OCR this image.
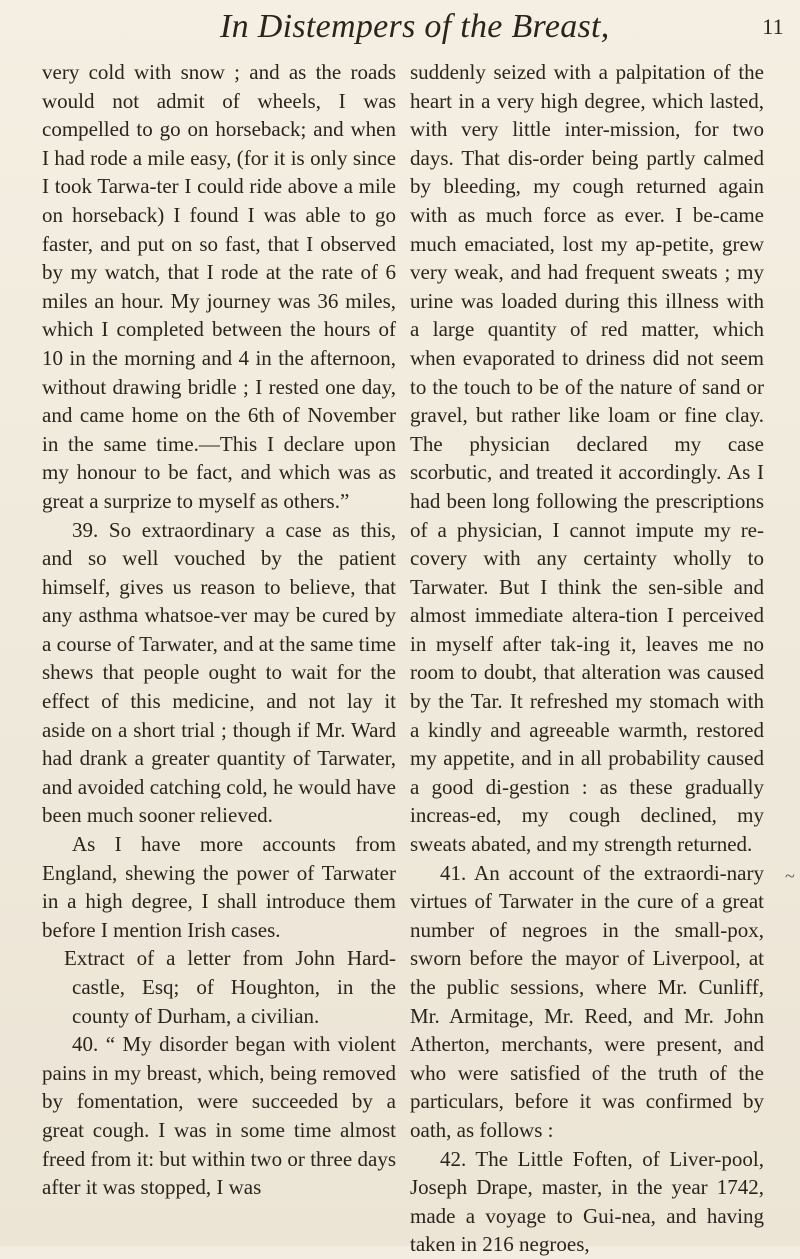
In Distempers of the Breast,	11

very cold with snow ; and as the roads would not admit of wheels, I was compelled to go on horseback; and when I had rode a mile easy, (for it is only since I took Tarwa-ter I could ride above a mile on horseback) I found I was able to go faster, and put on so fast, that I observed by my watch, that I rode at the rate of 6 miles an hour. My journey was 36 miles, which I completed between the hours of 10 in the morning and 4 in the afternoon, without drawing bridle ; I rested one day, and came home on the 6th of November in the same time.—This I declare upon my honour to be fact, and which was as great a surprize to myself as others.”

39. So extraordinary a case as this, and so well vouched by the patient himself, gives us reason to believe, that any asthma whatsoe-ver may be cured by a course of Tarwater, and at the same time shews that people ought to wait for the effect of this medicine, and not lay it aside on a short trial ; though if Mr. Ward had drank a greater quantity of Tarwater, and avoided catching cold, he would have been much sooner relieved.

As I have more accounts from England, shewing the power of Tarwater in a high degree, I shall introduce them before I mention Irish cases.

Extract of a letter from John Hard-castle, Esq; of Houghton, in the county of Durham, a civilian.

40. “ My disorder began with violent pains in my breast, which, being removed by fomentation, were succeeded by a great cough. I was in some time almost freed from it: but within two or three days after it was stopped, I was

suddenly seized with a palpitation of the heart in a very high degree, which lasted, with very little inter-mission, for two days. That dis-order being partly calmed by bleeding, my cough returned again with as much force as ever. I be-came much emaciated, lost my ap-petite, grew very weak, and had frequent sweats ; my urine was loaded during this illness with a large quantity of red matter, which when evaporated to driness did not seem to the touch to be of the nature of sand or gravel, but rather like loam or fine clay. The physician declared my case scorbutic, and treated it accordingly. As I had been long following the prescriptions of a physician, I cannot impute my re-covery with any certainty wholly to Tarwater. But I think the sen-sible and almost immediate altera-tion I perceived in myself after tak-ing it, leaves me no room to doubt, that alteration was caused by the Tar. It refreshed my stomach with a kindly and agreeable warmth, restored my appetite, and in all probability caused a good di-gestion : as these gradually increas-ed, my cough declined, my sweats abated, and my strength returned.

41. An account of the extraordi-nary virtues of Tarwater in the cure of a great number of negroes in the small-pox, sworn before the mayor of Liverpool, at the public sessions, where Mr. Cunliff, Mr. Armitage, Mr. Reed, and Mr. John Atherton, merchants, were present, and who were satisfied of the truth of the particulars, before it was confirmed by oath, as follows :

42. The Little Foften, of Liver-pool, Joseph Drape, master, in the year 1742, made a voyage to Gui-nea, and having taken in 216 negroes,

~
